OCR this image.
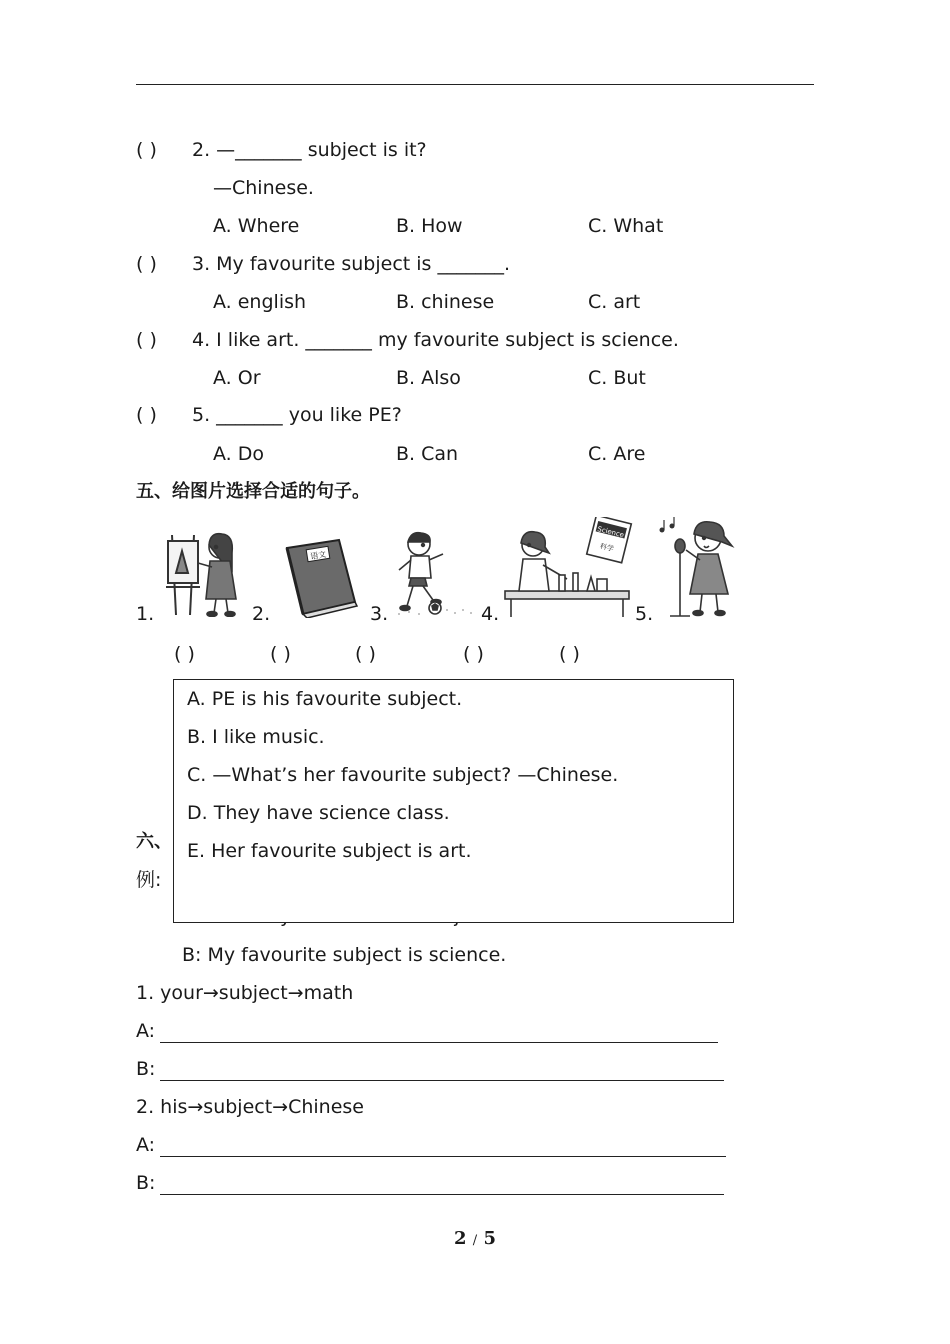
( ) 2. —_______ subject is it?
—Chinese.
A. Where	B. How	C. What
( ) 3. My favourite subject is _______.
A. english	B. chinese	C. art
( ) 4. I like art. _______ my favourite subject is science.
A. Or	B. Also	C. But
( ) 5. _______ you like PE?
A. Do	B. Can	C. Are
五、给图片选择合适的句子。
1.	2.	3.	4.	5.
语文
Science
科学
( )	( )	( )	( )	( )
六、
例:
A. PE is his favourite subject.
B. I like music.
C. —What’s her favourite subject? —Chinese.
D. They have science class.
E. Her favourite subject is art.
B: My favourite subject is science.
1. your→subject→math
A:
B:
2. his→subject→Chinese
A:
B:
2 / 5
